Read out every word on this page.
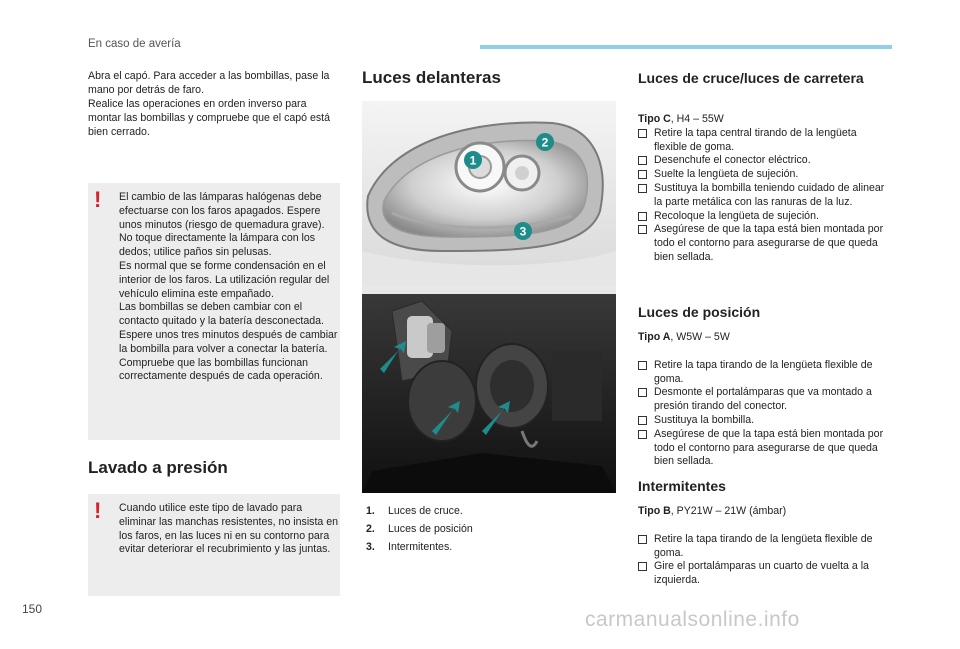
En caso de avería
Abra el capó. Para acceder a las bombillas, pase la mano por detrás de faro.
Realice las operaciones en orden inverso para montar las bombillas y compruebe que el capó está bien cerrado.
! El cambio de las lámparas halógenas debe efectuarse con los faros apagados. Espere unos minutos (riesgo de quemadura grave). No toque directamente la lámpara con los dedos; utilice paños sin pelusas.
Es normal que se forme condensación en el interior de los faros. La utilización regular del vehículo elimina este empañado.
Las bombillas se deben cambiar con el contacto quitado y la batería desconectada. Espere unos tres minutos después de cambiar la bombilla para volver a conectar la batería.
Compruebe que las bombillas funcionan correctamente después de cada operación.
Lavado a presión
! Cuando utilice este tipo de lavado para eliminar las manchas resistentes, no insista en los faros, en las luces ni en su contorno para evitar deteriorar el recubrimiento y las juntas.
Luces delanteras
1
2
3
1. Luces de cruce.
2. Luces de posición
3. Intermitentes.
Luces de cruce/luces de carretera
Tipo C, H4 – 55W
Retire la tapa central tirando de la lengüeta flexible de goma.
Desenchufe el conector eléctrico.
Suelte la lengüeta de sujeción.
Sustituya la bombilla teniendo cuidado de alinear la parte metálica con las ranuras de la luz.
Recoloque la lengüeta de sujeción.
Asegúrese de que la tapa está bien montada por todo el contorno para asegurarse de que queda bien sellada.
Luces de posición
Tipo A, W5W – 5W
Retire la tapa tirando de la lengüeta flexible de goma.
Desmonte el portalámparas que va montado a presión tirando del conector.
Sustituya la bombilla.
Asegúrese de que la tapa está bien montada por todo el contorno para asegurarse de que queda bien sellada.
Intermitentes
Tipo B, PY21W – 21W (ámbar)
Retire la tapa tirando de la lengüeta flexible de goma.
Gire el portalámparas un cuarto de vuelta a la izquierda.
150	carmanualsonline.info
